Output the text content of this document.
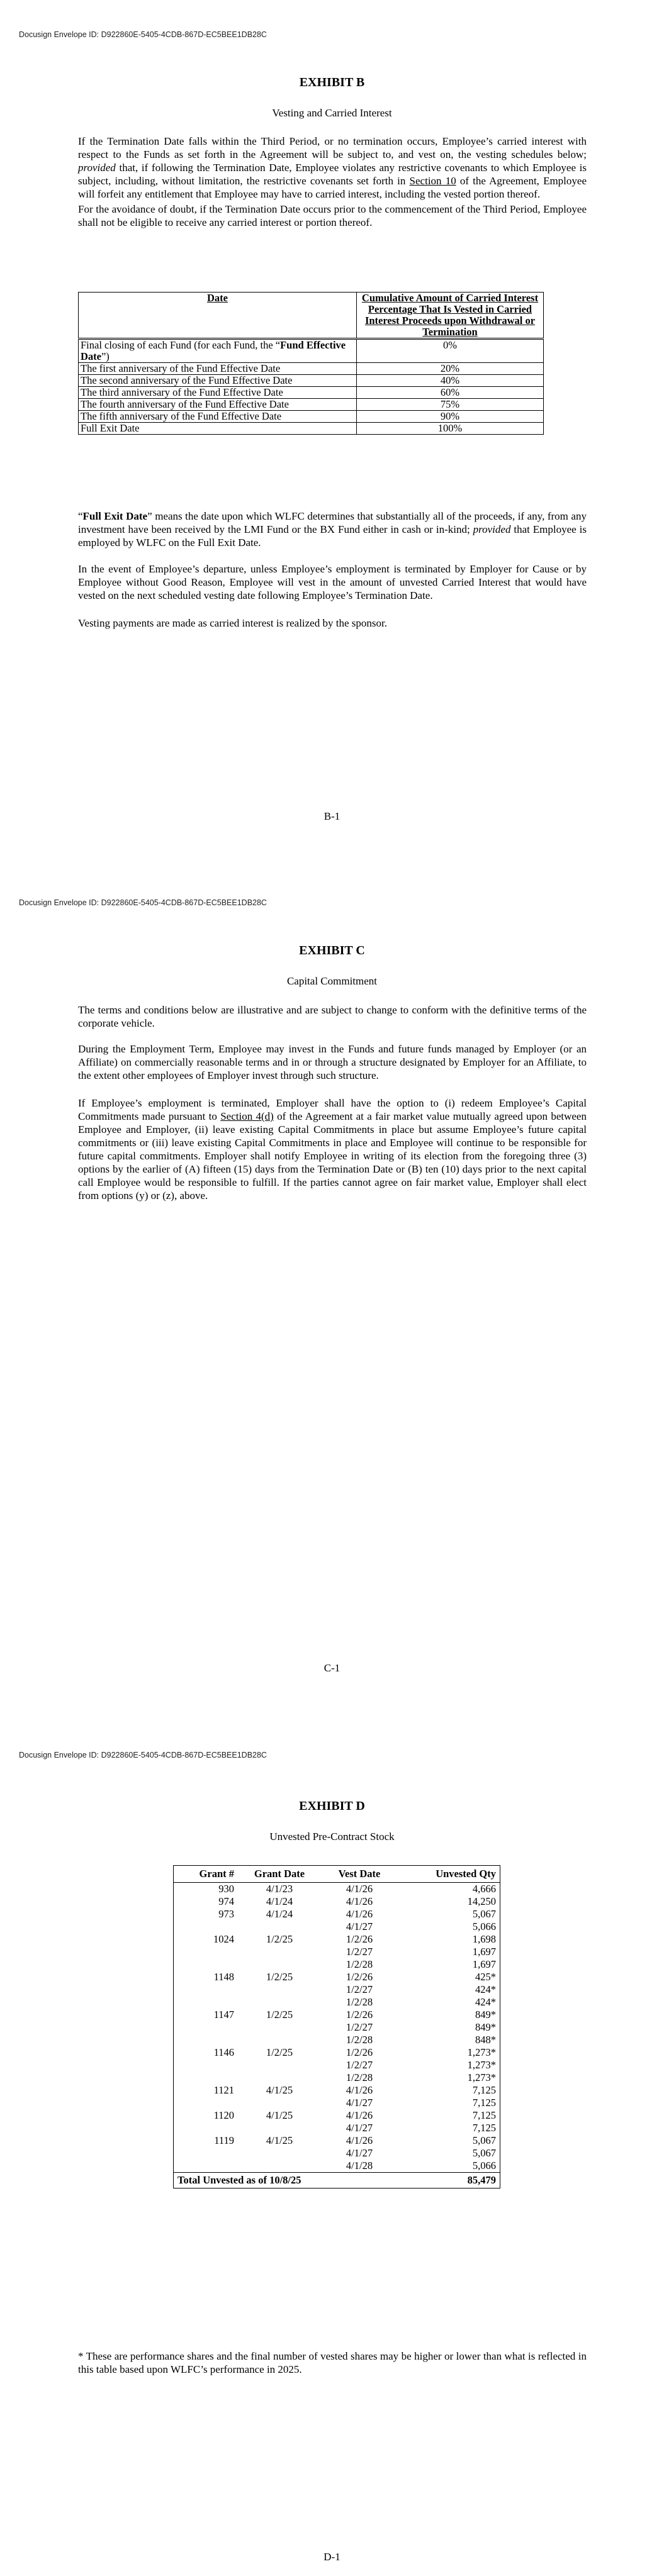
Docusign Envelope ID: D922860E-5405-4CDB-867D-EC5BEE1DB28C
EXHIBIT B
Vesting and Carried Interest

If the Termination Date falls within the Third Period, or no termination occurs, Employee’s carried interest with respect to the Funds as set forth in the Agreement will be subject to, and vest on, the vesting schedules below; provided that, if following the Termination Date, Employee violates any restrictive covenants to which Employee is subject, including, without limitation, the restrictive covenants set forth in Section 10 of the Agreement, Employee will forfeit any entitlement that Employee may have to carried interest, including the vested portion thereof.

For the avoidance of doubt, if the Termination Date occurs prior to the commencement of the Third Period, Employee shall not be eligible to receive any carried interest or portion thereof.

Date	Cumulative Amount of Carried Interest Percentage That Is Vested in Carried Interest Proceeds upon Withdrawal or Termination
Final closing of each Fund (for each Fund, the “Fund Effective Date”)	0%
The first anniversary of the Fund Effective Date	20%
The second anniversary of the Fund Effective Date	40%
The third anniversary of the Fund Effective Date	60%
The fourth anniversary of the Fund Effective Date	75%
The fifth anniversary of the Fund Effective Date	90%
Full Exit Date	100%

“Full Exit Date” means the date upon which WLFC determines that substantially all of the proceeds, if any, from any investment have been received by the LMI Fund or the BX Fund either in cash or in-kind; provided that Employee is employed by WLFC on the Full Exit Date.

In the event of Employee’s departure, unless Employee’s employment is terminated by Employer for Cause or by Employee without Good Reason, Employee will vest in the amount of unvested Carried Interest that would have vested on the next scheduled vesting date following Employee’s Termination Date.

Vesting payments are made as carried interest is realized by the sponsor.

B-1
Docusign Envelope ID: D922860E-5405-4CDB-867D-EC5BEE1DB28C
EXHIBIT C
Capital Commitment

The terms and conditions below are illustrative and are subject to change to conform with the definitive terms of the corporate vehicle.

During the Employment Term, Employee may invest in the Funds and future funds managed by Employer (or an Affiliate) on commercially reasonable terms and in or through a structure designated by Employer for an Affiliate, to the extent other employees of Employer invest through such structure.

If Employee’s employment is terminated, Employer shall have the option to (i) redeem Employee’s Capital Commitments made pursuant to Section 4(d) of the Agreement at a fair market value mutually agreed upon between Employee and Employer, (ii) leave existing Capital Commitments in place but assume Employee’s future capital commitments or (iii) leave existing Capital Commitments in place and Employee will continue to be responsible for future capital commitments. Employer shall notify Employee in writing of its election from the foregoing three (3) options by the earlier of (A) fifteen (15) days from the Termination Date or (B) ten (10) days prior to the next capital call Employee would be responsible to fulfill. If the parties cannot agree on fair market value, Employer shall elect from options (y) or (z), above.

C-1
Docusign Envelope ID: D922860E-5405-4CDB-867D-EC5BEE1DB28C
EXHIBIT D
Unvested Pre-Contract Stock
Grant #	Grant Date	Vest Date	Unvested Qty
930	4/1/23	4/1/26	4,666
974	4/1/24	4/1/26	14,250
973	4/1/24	4/1/26	5,067
		4/1/27	5,066
1024	1/2/25	1/2/26	1,698
		1/2/27	1,697
		1/2/28	1,697
1148	1/2/25	1/2/26	425*
		1/2/27	424*
		1/2/28	424*
1147	1/2/25	1/2/26	849*
		1/2/27	849*
		1/2/28	848*
1146	1/2/25	1/2/26	1,273*
		1/2/27	1,273*
		1/2/28	1,273*
1121	4/1/25	4/1/26	7,125
		4/1/27	7,125
1120	4/1/25	4/1/26	7,125
		4/1/27	7,125
1119	4/1/25	4/1/26	5,067
		4/1/27	5,067
		4/1/28	5,066
Total Unvested as of 10/8/25			85,479

* These are performance shares and the final number of vested shares may be higher or lower than what is reflected in this table based upon WLFC’s performance in 2025.

D-1
